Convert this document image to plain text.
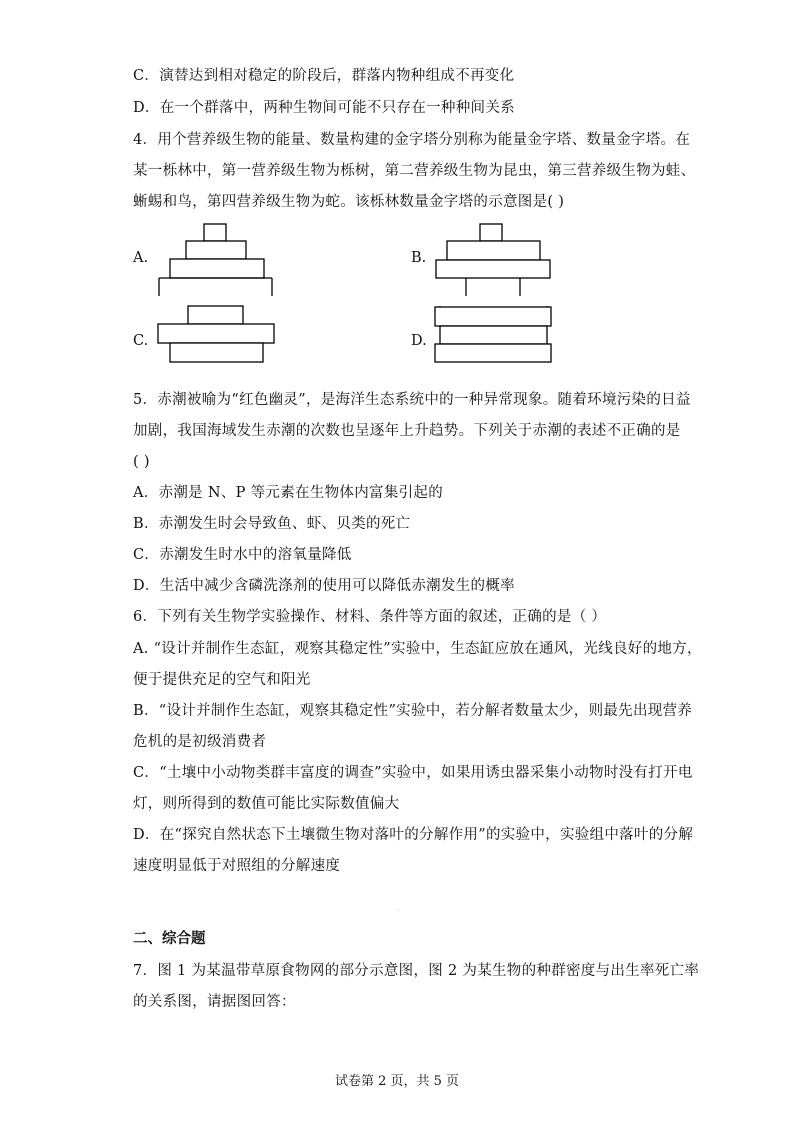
C．演替达到相对稳定的阶段后，群落内物种组成不再变化
D．在一个群落中，两种生物间可能不只存在一种种间关系
4．用个营养级生物的能量、数量构建的金字塔分别称为能量金字塔、数量金字塔。在
某一栎林中，第一营养级生物为栎树，第二营养级生物为昆虫，第三营养级生物为蛙、
蜥蜴和鸟，第四营养级生物为蛇。该栎林数量金字塔的示意图是( )
A.	B.
C.	D.
5．赤潮被喻为“红色幽灵”，是海洋生态系统中的一种异常现象。随着环境污染的日益
加剧，我国海域发生赤潮的次数也呈逐年上升趋势。下列关于赤潮的表述不正确的是
( )
A．赤潮是 N、P 等元素在生物体内富集引起的
B．赤潮发生时会导致鱼、虾、贝类的死亡
C．赤潮发生时水中的溶氧量降低
D．生活中减少含磷洗涤剂的使用可以降低赤潮发生的概率
6．下列有关生物学实验操作、材料、条件等方面的叙述，正确的是（ ）
A. “设计并制作生态缸，观察其稳定性”实验中，生态缸应放在通风，光线良好的地方，
便于提供充足的空气和阳光
B．“设计并制作生态缸，观察其稳定性”实验中，若分解者数量太少，则最先出现营养
危机的是初级消费者
C．“土壤中小动物类群丰富度的调查”实验中，如果用诱虫器采集小动物时没有打开电
灯，则所得到的数值可能比实际数值偏大
D．在“探究自然状态下土壤微生物对落叶的分解作用”的实验中，实验组中落叶的分解
速度明显低于对照组的分解速度
.
二、综合题
7．图 1 为某温带草原食物网的部分示意图，图 2 为某生物的种群密度与出生率死亡率
的关系图，请据图回答：
试卷第 2 页，共 5 页
